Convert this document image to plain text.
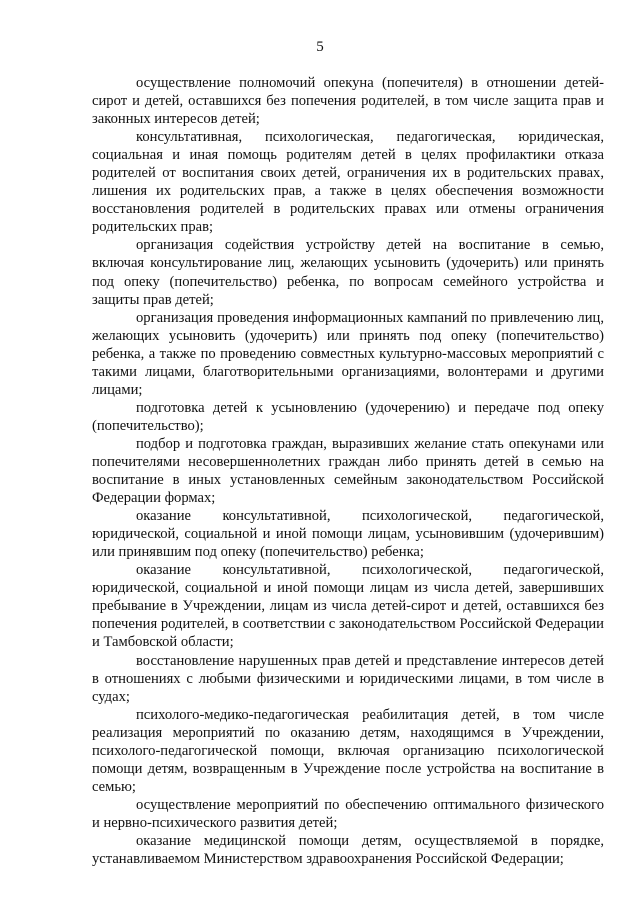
5

осуществление полномочий опекуна (попечителя) в отношении детей-сирот и детей, оставшихся без попечения родителей, в том числе защита прав и законных интересов детей;

консультативная, психологическая, педагогическая, юридическая, социальная и иная помощь родителям детей в целях профилактики отказа родителей от воспитания своих детей, ограничения их в родительских правах, лишения их родительских прав, а также в целях обеспечения возможности восстановления родителей в родительских правах или отмены ограничения родительских прав;

организация содействия устройству детей на воспитание в семью, включая консультирование лиц, желающих усыновить (удочерить) или принять под опеку (попечительство) ребенка, по вопросам семейного устройства и защиты прав детей;

организация проведения информационных кампаний по привлечению лиц, желающих усыновить (удочерить) или принять под опеку (попечительство) ребенка, а также по проведению совместных культурно-массовых мероприятий с такими лицами, благотворительными организациями, волонтерами и другими лицами;

подготовка детей к усыновлению (удочерению) и передаче под опеку (попечительство);

подбор и подготовка граждан, выразивших желание стать опекунами или попечителями несовершеннолетних граждан либо принять детей в семью на воспитание в иных установленных семейным законодательством Российской Федерации формах;

оказание консультативной, психологической, педагогической, юридической, социальной и иной помощи лицам, усыновившим (удочерившим) или принявшим под опеку (попечительство) ребенка;

оказание консультативной, психологической, педагогической, юридической, социальной и иной помощи лицам из числа детей, завершивших пребывание в Учреждении, лицам из числа детей-сирот и детей, оставшихся без попечения родителей, в соответствии с законодательством Российской Федерации и Тамбовской области;

восстановление нарушенных прав детей и представление интересов детей в отношениях с любыми физическими и юридическими лицами, в том числе в судах;

психолого-медико-педагогическая реабилитация детей, в том числе реализация мероприятий по оказанию детям, находящимся в Учреждении, психолого-педагогической помощи, включая организацию психологической помощи детям, возвращенным в Учреждение после устройства на воспитание в семью;

осуществление мероприятий по обеспечению оптимального физического и нервно-психического развития детей;

оказание медицинской помощи детям, осуществляемой в порядке, устанавливаемом Министерством здравоохранения Российской Федерации;
